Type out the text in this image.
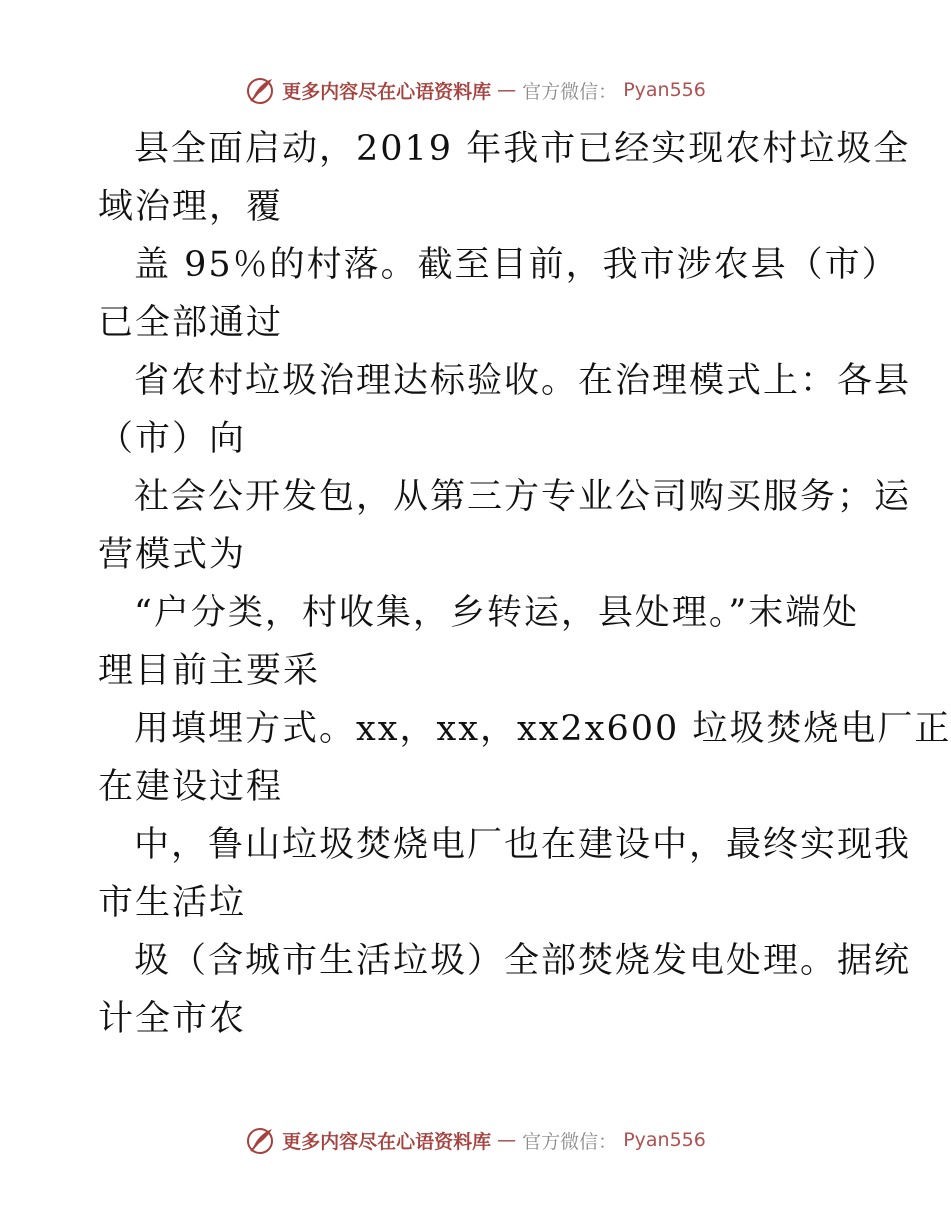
更多内容尽在心语资料库 — 官方微信： Pyan556
县全面启动，2019 年我市已经实现农村垃圾全
域治理，覆
盖 95％的村落。截至目前，我市涉农县（市）
已全部通过
省农村垃圾治理达标验收。在治理模式上：各县
（市）向
社会公开发包，从第三方专业公司购买服务；运
营模式为
“户分类，村收集，乡转运，县处理。”末端处
理目前主要采
用填埋方式。xx，xx，xx2x600 垃圾焚烧电厂正
在建设过程
中，鲁山垃圾焚烧电厂也在建设中，最终实现我
市生活垃
圾（含城市生活垃圾）全部焚烧发电处理。据统
计全市农
更多内容尽在心语资料库 — 官方微信： Pyan556
